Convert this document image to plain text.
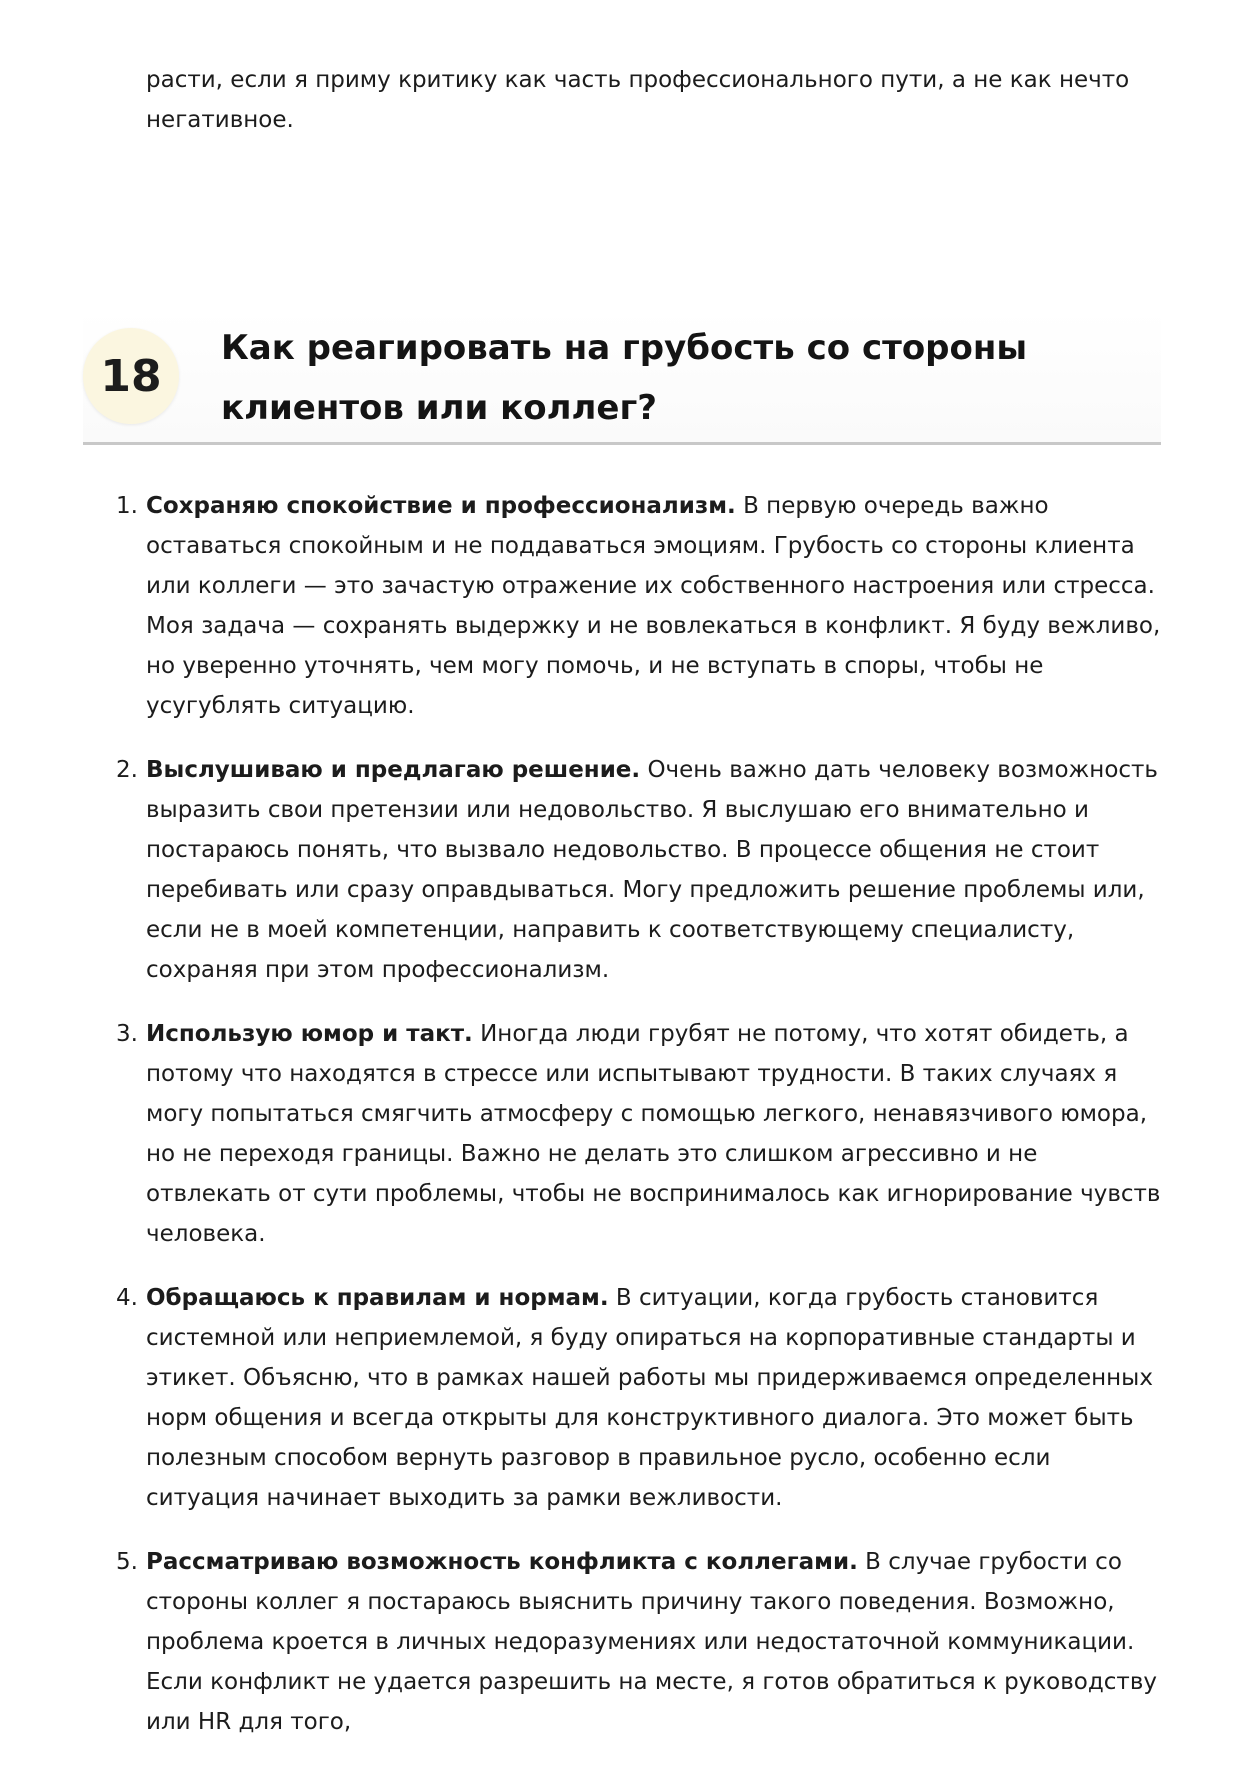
расти, если я приму критику как часть профессионального пути, а не как нечто негативное.

18
Как реагировать на грубость со стороны клиентов или коллег?
1. Сохраняю спокойствие и профессионализм. В первую очередь важно оставаться спокойным и не поддаваться эмоциям. Грубость со стороны клиента или коллеги — это зачастую отражение их собственного настроения или стресса. Моя задача — сохранять выдержку и не вовлекаться в конфликт. Я буду вежливо, но уверенно уточнять, чем могу помочь, и не вступать в споры, чтобы не усугублять ситуацию.
2. Выслушиваю и предлагаю решение. Очень важно дать человеку возможность выразить свои претензии или недовольство. Я выслушаю его внимательно и постараюсь понять, что вызвало недовольство. В процессе общения не стоит перебивать или сразу оправдываться. Могу предложить решение проблемы или, если не в моей компетенции, направить к соответствующему специалисту, сохраняя при этом профессионализм.
3. Использую юмор и такт. Иногда люди грубят не потому, что хотят обидеть, а потому что находятся в стрессе или испытывают трудности. В таких случаях я могу попытаться смягчить атмосферу с помощью легкого, ненавязчивого юмора, но не переходя границы. Важно не делать это слишком агрессивно и не отвлекать от сути проблемы, чтобы не воспринималось как игнорирование чувств человека.
4. Обращаюсь к правилам и нормам. В ситуации, когда грубость становится системной или неприемлемой, я буду опираться на корпоративные стандарты и этикет. Объясню, что в рамках нашей работы мы придерживаемся определенных норм общения и всегда открыты для конструктивного диалога. Это может быть полезным способом вернуть разговор в правильное русло, особенно если ситуация начинает выходить за рамки вежливости.
5. Рассматриваю возможность конфликта с коллегами. В случае грубости со стороны коллег я постараюсь выяснить причину такого поведения. Возможно, проблема кроется в личных недоразумениях или недостаточной коммуникации. Если конфликт не удается разрешить на месте, я готов обратиться к руководству или HR для того,
